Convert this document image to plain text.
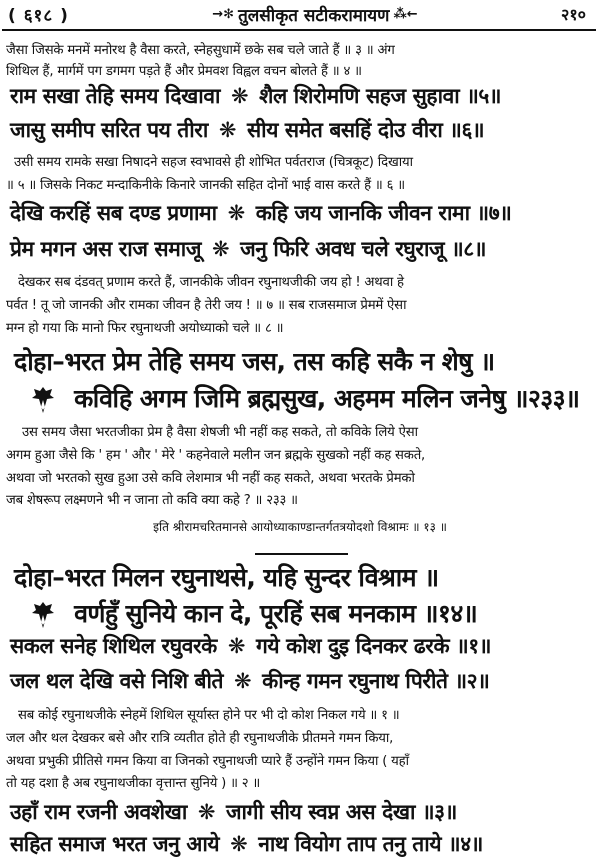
( ६१८ )	→✻ तुलसीकृत सटीकरामायण ⁂←	२१०
जैसा जिसके मनमें मनोरथ है वैसा करते, स्नेहसुधामें छके सब चले जाते हैं ॥ ३ ॥ अंग
शिथिल हैं, मार्गमें पग डगमग पड़ते हैं और प्रेमवश विह्वल वचन बोलते हैं ॥ ४ ॥
राम सखा तेहि समय दिखावा ❋ शैल शिरोमणि सहज सुहावा ॥५॥
जासु समीप सरित पय तीरा ❋ सीय समेत बसहिं दोउ वीरा ॥६॥
उसी समय रामके सखा निषादने सहज स्वभावसे ही शोभित पर्वतराज (चित्रकूट) दिखाया
॥ ५ ॥ जिसके निकट मन्दाकिनीके किनारे जानकी सहित दोनों भाई वास करते हैं ॥ ६ ॥
देखि करहिं सब दण्ड प्रणामा ❋ कहि जय जानकि जीवन रामा ॥७॥
प्रेम मगन अस राज समाजू ❋ जनु फिरि अवध चले रघुराजू ॥८॥
देखकर सब दंडवत् प्रणाम करते हैं, जानकीके जीवन रघुनाथजीकी जय हो ! अथवा हे
पर्वत ! तू जो जानकी और रामका जीवन है तेरी जय ! ॥ ७ ॥ सब राजसमाज प्रेममें ऐसा
मग्न हो गया कि मानो फिर रघुनाथजी अयोध्याको चले ॥ ८ ॥
दोहा–भरत प्रेम तेहि समय जस, तस कहि सकै न शेषु ॥
कविहि अगम जिमि ब्रह्मसुख, अहमम मलिन जनेषु ॥२३३॥
उस समय जैसा भरतजीका प्रेम है वैसा शेषजी भी नहीं कह सकते, तो कविके लिये ऐसा
अगम हुआ जैसे कि ' हम ' और ' मेरे ' कहनेवाले मलीन जन ब्रह्मके सुखको नहीं कह सकते,
अथवा जो भरतको सुख हुआ उसे कवि लेशमात्र भी नहीं कह सकते, अथवा भरतके प्रेमको
जब शेषरूप लक्ष्मणने भी न जाना तो कवि क्या कहे ? ॥ २३३ ॥
इति श्रीरामचरितमानसे आयोध्याकाण्डान्तर्गतत्रयोदशो विश्रामः ॥ १३ ॥
दोहा–भरत मिलन रघुनाथसे, यहि सुन्दर विश्राम ॥
वर्णहुँ सुनिये कान दे, पूरहिं सब मनकाम ॥१४॥
सकल सनेह शिथिल रघुवरके ❋ गये कोश दुइ दिनकर ढरके ॥१॥
जल थल देखि वसे निशि बीते ❋ कीन्ह गमन रघुनाथ पिरीते ॥२॥
सब कोई रघुनाथजीके स्नेहमें शिथिल सूर्यास्त होने पर भी दो कोश निकल गये ॥ १ ॥
जल और थल देखकर बसे और रात्रि व्यतीत होते ही रघुनाथजीके प्रीतमने गमन किया,
अथवा प्रभुकी प्रीतिसे गमन किया वा जिनको रघुनाथजी प्यारे हैं उन्होंने गमन किया ( यहाँ
तो यह दशा है अब रघुनाथजीका वृत्तान्त सुनिये ) ॥ २ ॥
उहाँ राम रजनी अवशेखा ❋ जागी सीय स्वप्न अस देखा ॥३॥
सहित समाज भरत जनु आये ❋ नाथ वियोग ताप तनु ताये ॥४॥
